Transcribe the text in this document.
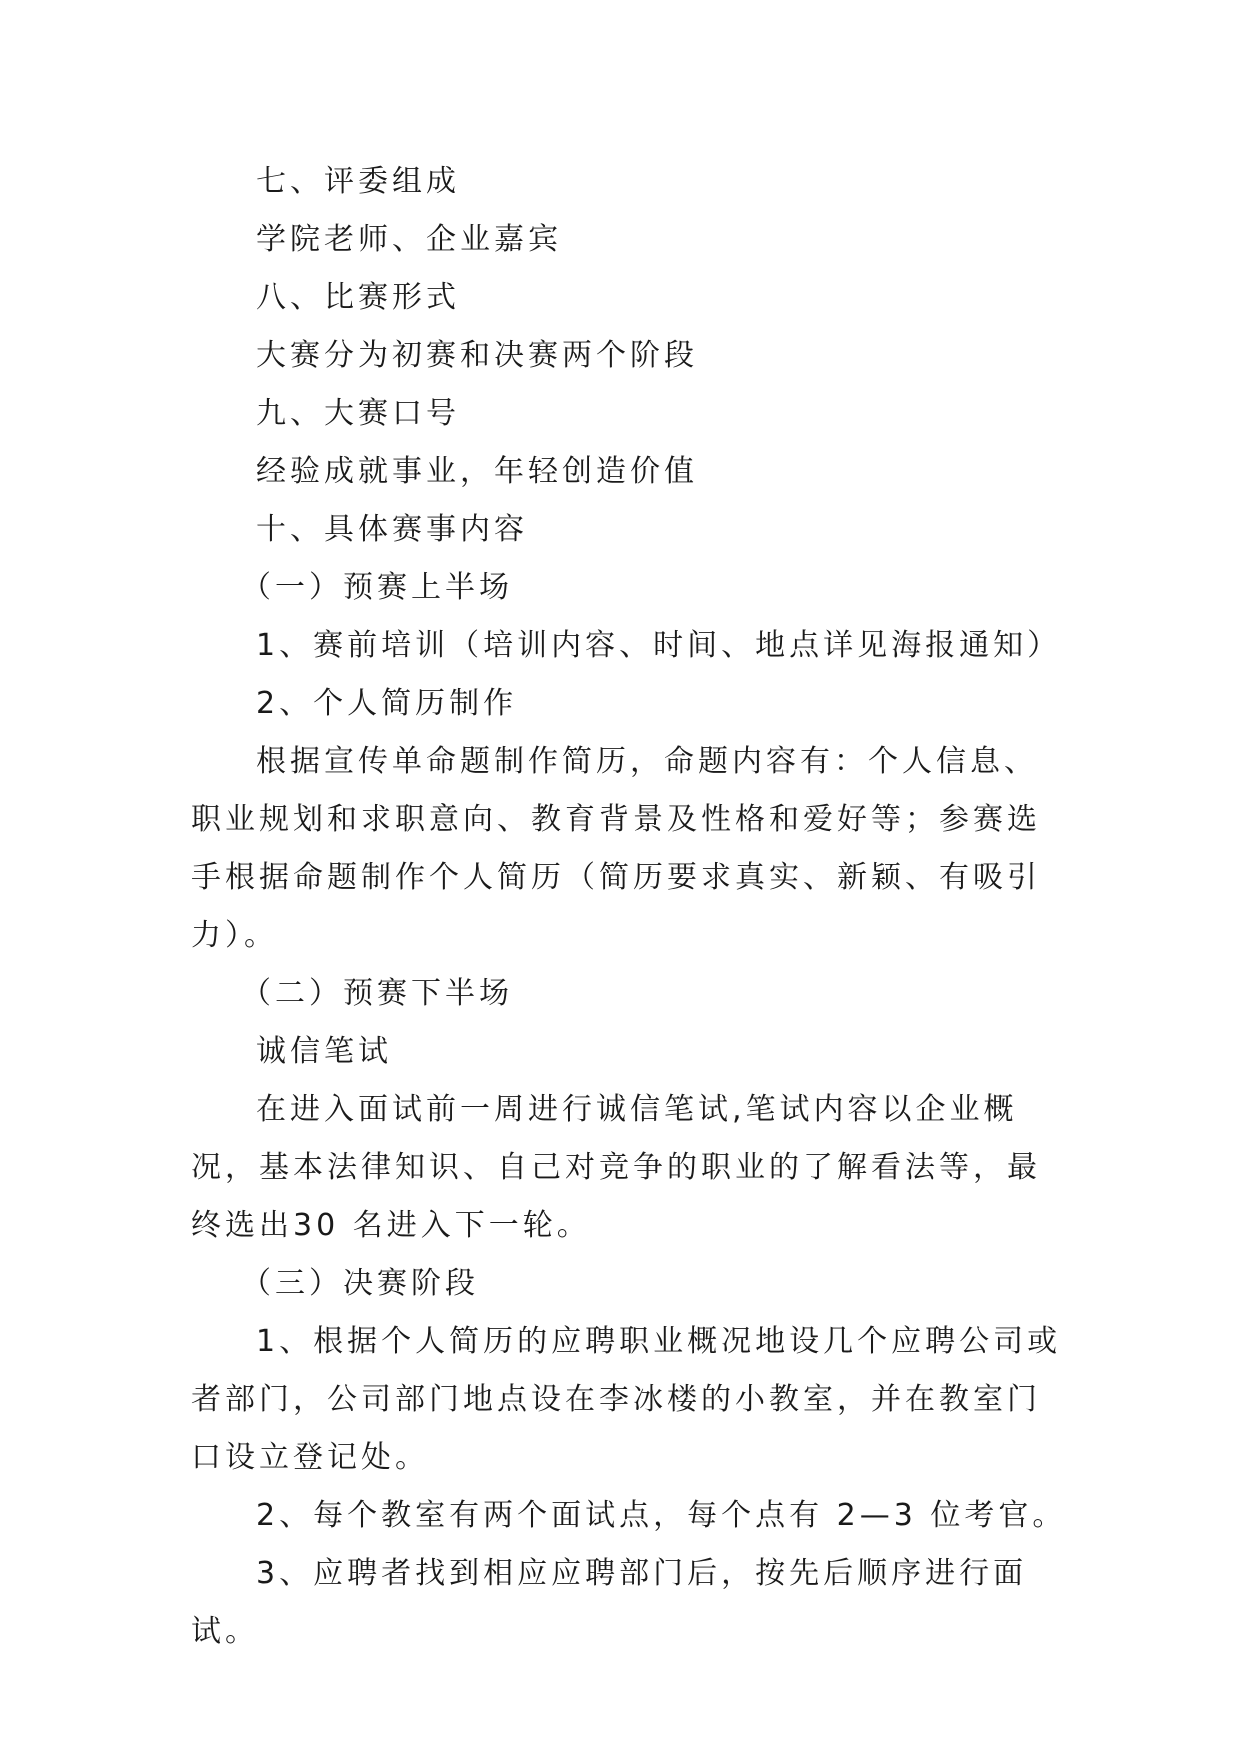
七、评委组成

学院老师、企业嘉宾

八、比赛形式

大赛分为初赛和决赛两个阶段

九、大赛口号

经验成就事业，年轻创造价值

十、具体赛事内容

（一）预赛上半场

1、赛前培训（培训内容、时间、地点详见海报通知）

2、个人简历制作

根据宣传单命题制作简历，命题内容有：个人信息、职业规划和求职意向、教育背景及性格和爱好等；参赛选手根据命题制作个人简历（简历要求真实、新颖、有吸引力）。

（二）预赛下半场

诚信笔试

在进入面试前一周进行诚信笔试,笔试内容以企业概况，基本法律知识、自己对竞争的职业的了解看法等，最终选出30 名进入下一轮。

（三）决赛阶段

1、根据个人简历的应聘职业概况地设几个应聘公司或者部门，公司部门地点设在李冰楼的小教室，并在教室门口设立登记处。

2、每个教室有两个面试点，每个点有 2—3 位考官。

3、应聘者找到相应应聘部门后，按先后顺序进行面试。
